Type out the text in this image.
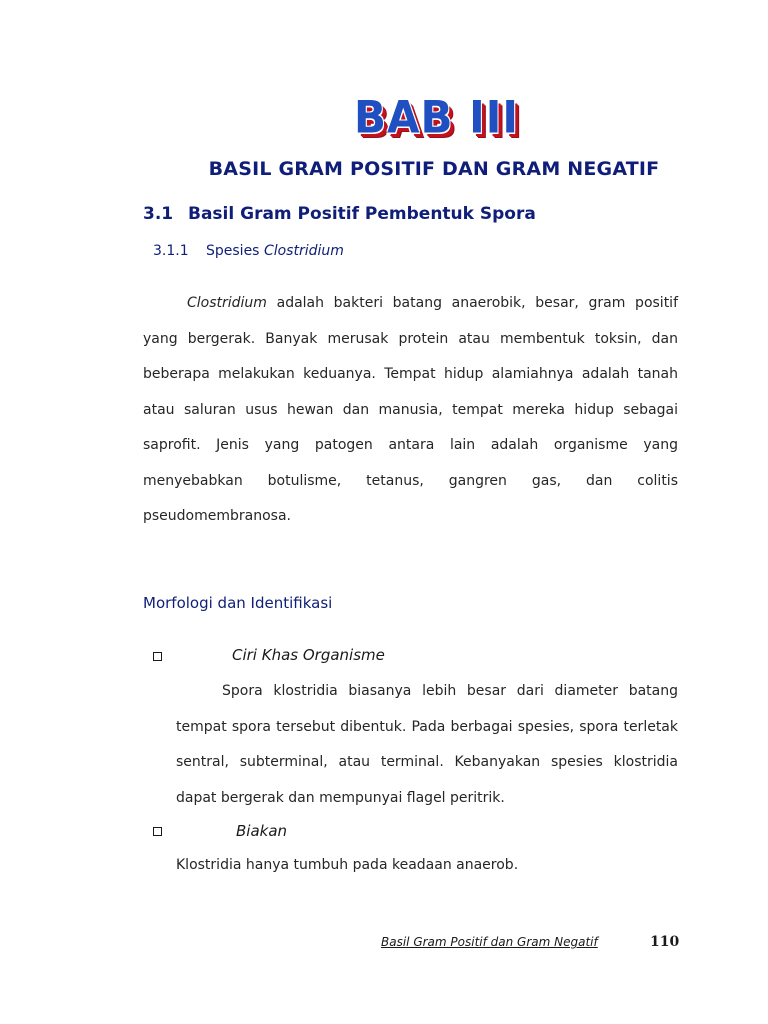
BAB III
BASIL GRAM POSITIF DAN GRAM NEGATIF
3.1 Basil Gram Positif Pembentuk Spora
3.1.1 Spesies Clostridium
Clostridium adalah bakteri batang anaerobik, besar, gram positif yang bergerak. Banyak merusak protein atau membentuk toksin, dan beberapa melakukan keduanya. Tempat hidup alamiahnya adalah tanah atau saluran usus hewan dan manusia, tempat mereka hidup sebagai saprofit. Jenis yang patogen antara lain adalah organisme yang menyebabkan botulisme, tetanus, gangren gas, dan colitis pseudomembranosa.
Morfologi dan Identifikasi
Ciri Khas Organisme
Spora klostridia biasanya lebih besar dari diameter batang tempat spora tersebut dibentuk. Pada berbagai spesies, spora terletak sentral, subterminal, atau terminal. Kebanyakan spesies klostridia dapat bergerak dan mempunyai flagel peritrik.
Biakan
Klostridia hanya tumbuh pada keadaan anaerob.
Basil Gram Positif dan Gram Negatif	110
